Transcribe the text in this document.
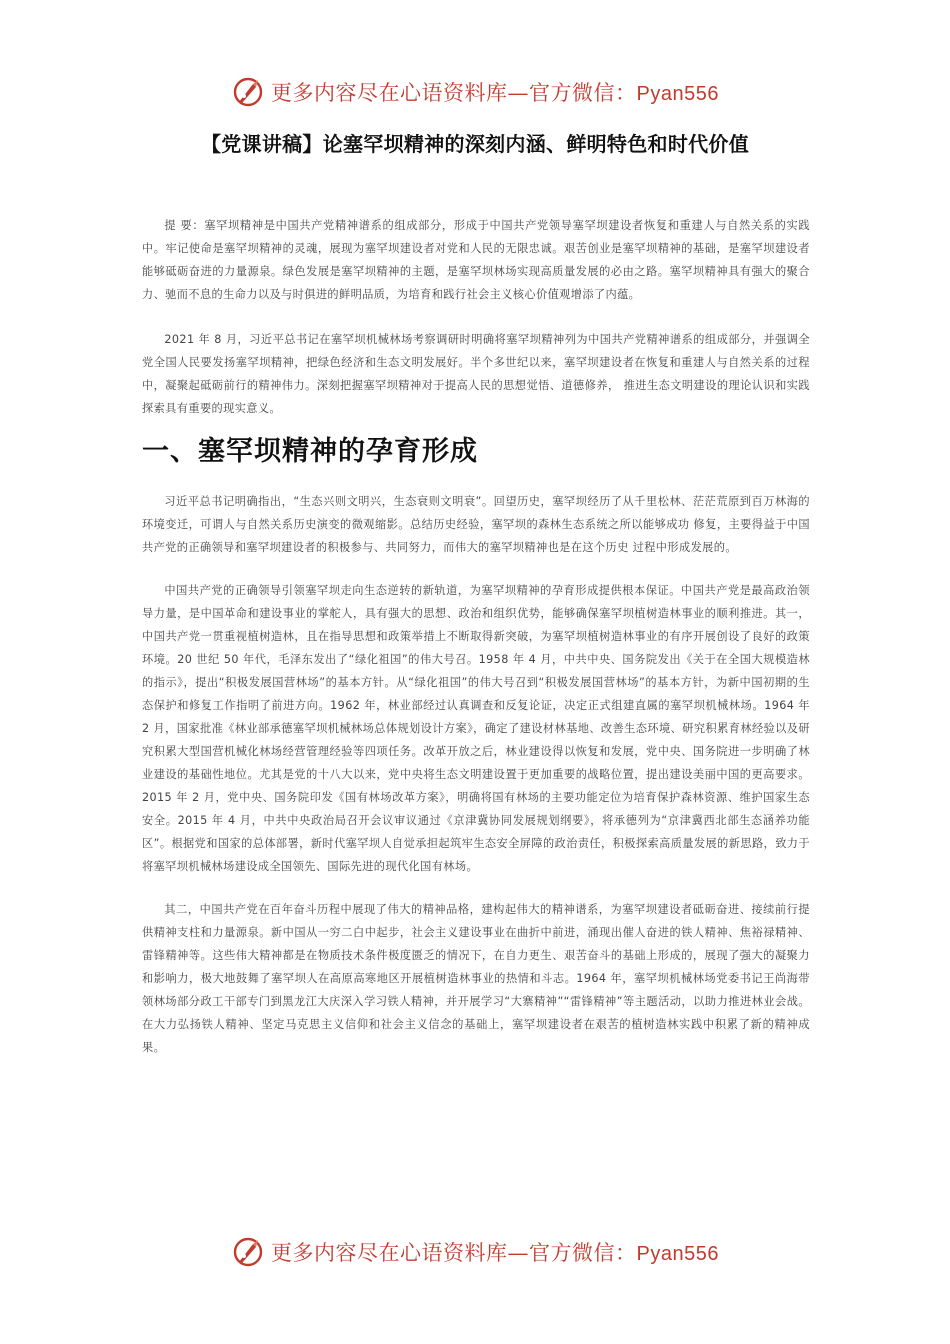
更多内容尽在心语资料库—官方微信：Pyan556
【党课讲稿】论塞罕坝精神的深刻内涵、鲜明特色和时代价值

提 要：塞罕坝精神是中国共产党精神谱系的组成部分，形成于中国共产党领导塞罕坝建设者恢复和重建人与自然关系的实践中。牢记使命是塞罕坝精神的灵魂，展现为塞罕坝建设者对党和人民的无限忠诚。艰苦创业是塞罕坝精神的基础，是塞罕坝建设者能够砥砺奋进的力量源泉。绿色发展是塞罕坝精神的主题，是塞罕坝林场实现高质量发展的必由之路。塞罕坝精神具有强大的聚合力、驰而不息的生命力以及与时俱进的鲜明品质，为培育和践行社会主义核心价值观增添了内蕴。

2021 年 8 月，习近平总书记在塞罕坝机械林场考察调研时明确将塞罕坝精神列为中国共产党精神谱系的组成部分，并强调全党全国人民要发扬塞罕坝精神，把绿色经济和生态文明发展好。半个多世纪以来，塞罕坝建设者在恢复和重建人与自然关系的过程中，凝聚起砥砺前行的精神伟力。深刻把握塞罕坝精神对于提高人民的思想觉悟、道德修养， 推进生态文明建设的理论认识和实践探索具有重要的现实意义。

一、塞罕坝精神的孕育形成

习近平总书记明确指出，“生态兴则文明兴，生态衰则文明衰”。回望历史，塞罕坝经历了从千里松林、茫茫荒原到百万林海的环境变迁，可谓人与自然关系历史演变的微观缩影。总结历史经验，塞罕坝的森林生态系统之所以能够成功 修复，主要得益于中国共产党的正确领导和塞罕坝建设者的积极参与、共同努力，而伟大的塞罕坝精神也是在这个历史 过程中形成发展的。

中国共产党的正确领导引领塞罕坝走向生态逆转的新轨道，为塞罕坝精神的孕育形成提供根本保证。中国共产党是最高政治领导力量，是中国革命和建设事业的掌舵人，具有强大的思想、政治和组织优势，能够确保塞罕坝植树造林事业的顺利推进。其一，中国共产党一贯重视植树造林，且在指导思想和政策举措上不断取得新突破，为塞罕坝植树造林事业的有序开展创设了良好的政策环境。20 世纪 50 年代，毛泽东发出了“绿化祖国”的伟大号召。1958 年 4 月，中共中央、国务院发出《关于在全国大规模造林的指示》，提出“积极发展国营林场”的基本方针。从“绿化祖国”的伟大号召到“积极发展国营林场”的基本方针，为新中国初期的生态保护和修复工作指明了前进方向。1962 年，林业部经过认真调查和反复论证，决定正式组建直属的塞罕坝机械林场。1964 年 2 月，国家批准《林业部承德塞罕坝机械林场总体规划设计方案》，确定了建设材林基地、改善生态环境、研究积累育林经验以及研究积累大型国营机械化林场经营管理经验等四项任务。改革开放之后，林业建设得以恢复和发展，党中央、国务院进一步明确了林业建设的基础性地位。尤其是党的十八大以来，党中央将生态文明建设置于更加重要的战略位置，提出建设美丽中国的更高要求。2015 年 2 月，党中央、国务院印发《国有林场改革方案》，明确将国有林场的主要功能定位为培育保护森林资源、维护国家生态安全。2015 年 4 月，中共中央政治局召开会议审议通过《京津冀协同发展规划纲要》，将承德列为“京津冀西北部生态涵养功能区”。根据党和国家的总体部署，新时代塞罕坝人自觉承担起筑牢生态安全屏障的政治责任，积极探索高质量发展的新思路，致力于将塞罕坝机械林场建设成全国领先、国际先进的现代化国有林场。

其二，中国共产党在百年奋斗历程中展现了伟大的精神品格，建构起伟大的精神谱系，为塞罕坝建设者砥砺奋进、接续前行提供精神支柱和力量源泉。新中国从一穷二白中起步，社会主义建设事业在曲折中前进，涌现出催人奋进的铁人精神、焦裕禄精神、雷锋精神等。这些伟大精神都是在物质技术条件极度匮乏的情况下，在自力更生、艰苦奋斗的基础上形成的，展现了强大的凝聚力和影响力，极大地鼓舞了塞罕坝人在高原高寒地区开展植树造林事业的热情和斗志。1964 年，塞罕坝机械林场党委书记王尚海带领林场部分政工干部专门到黑龙江大庆深入学习铁人精神，并开展学习“大寨精神”“雷锋精神”等主题活动，以助力推进林业会战。在大力弘扬铁人精神、坚定马克思主义信仰和社会主义信念的基础上，塞罕坝建设者在艰苦的植树造林实践中积累了新的精神成果。

更多内容尽在心语资料库—官方微信：Pyan556
